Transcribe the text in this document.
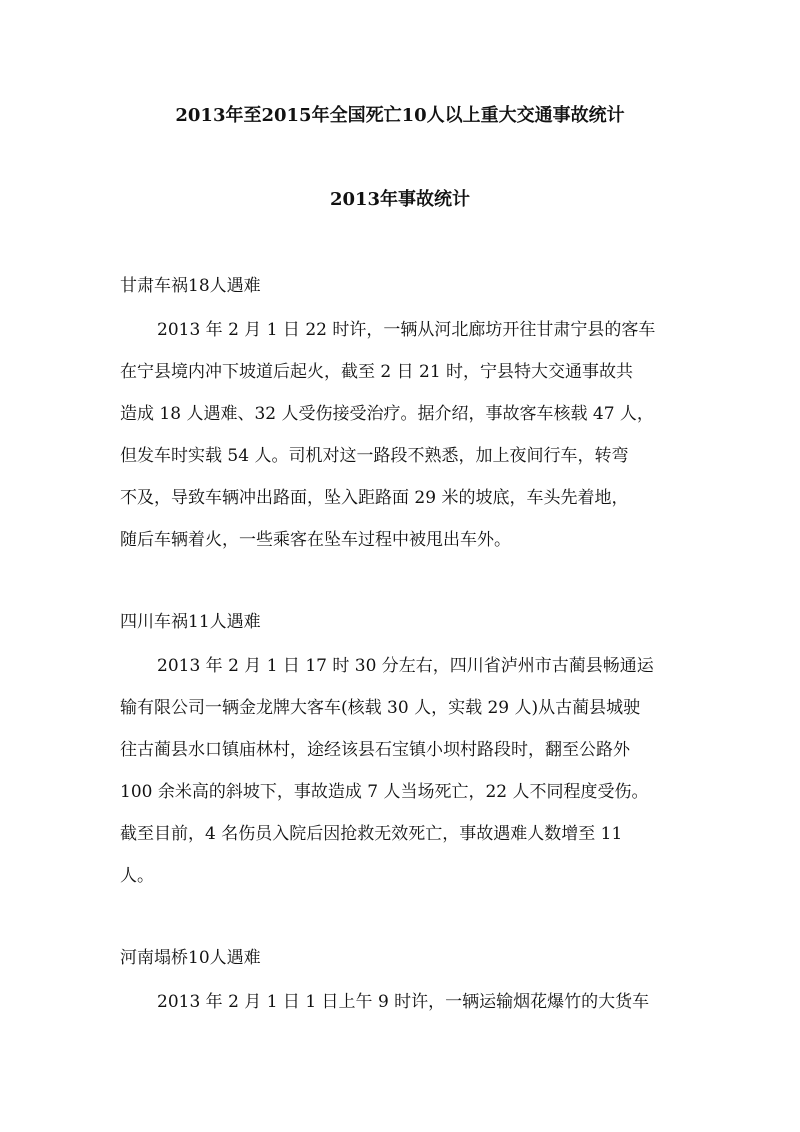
2013年至2015年全国死亡10人以上重大交通事故统计
2013年事故统计

甘肃车祸18人遇难

2013 年 2 月 1 日 22 时许，一辆从河北廊坊开往甘肃宁县的客车

在宁县境内冲下坡道后起火，截至 2 日 21 时，宁县特大交通事故共

造成 18 人遇难、32 人受伤接受治疗。据介绍，事故客车核载 47 人，

但发车时实载 54 人。司机对这一路段不熟悉，加上夜间行车，转弯

不及，导致车辆冲出路面，坠入距路面 29 米的坡底，车头先着地，

随后车辆着火，一些乘客在坠车过程中被甩出车外。

四川车祸11人遇难

2013 年 2 月 1 日 17 时 30 分左右，四川省泸州市古蔺县畅通运

输有限公司一辆金龙牌大客车(核载 30 人，实载 29 人)从古蔺县城驶

往古蔺县水口镇庙林村，途经该县石宝镇小坝村路段时，翻至公路外

100 余米高的斜坡下，事故造成 7 人当场死亡，22 人不同程度受伤。

截至目前，4 名伤员入院后因抢救无效死亡，事故遇难人数增至 11

人。

河南塌桥10人遇难

2013 年 2 月 1 日 1 日上午 9 时许，一辆运输烟花爆竹的大货车
